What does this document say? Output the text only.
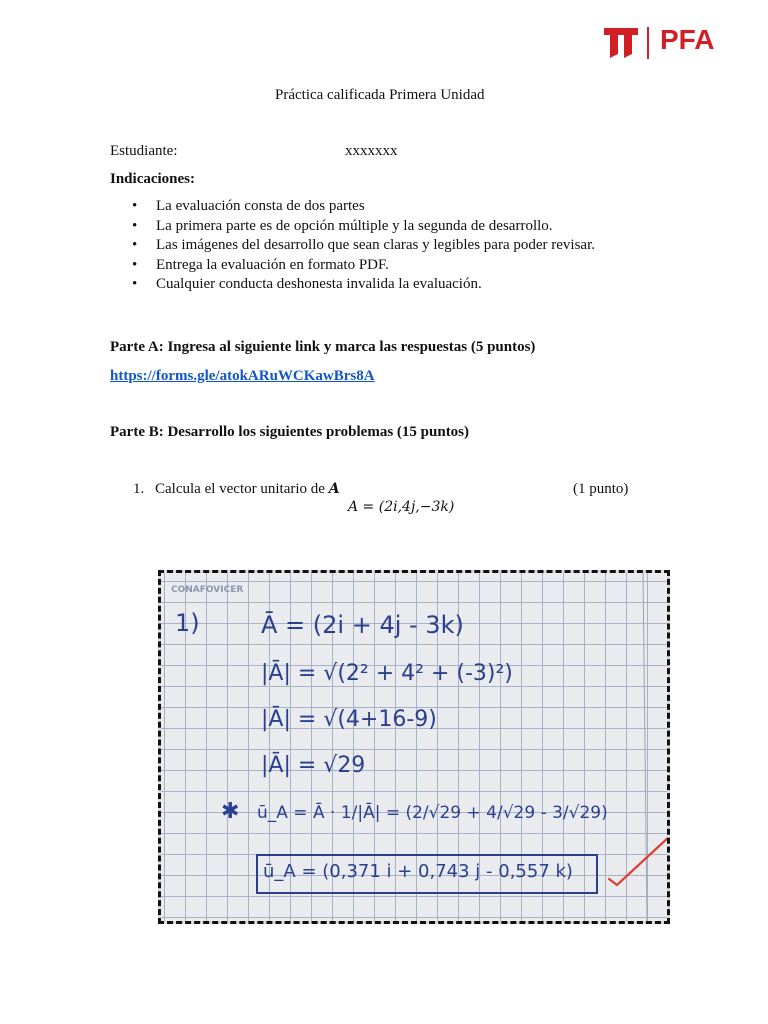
PFA
Práctica calificada Primera Unidad
Estudiante:	xxxxxxx
Indicaciones:
• La evaluación consta de dos partes
• La primera parte es de opción múltiple y la segunda de desarrollo.
• Las imágenes del desarrollo que sean claras y legibles para poder revisar.
• Entrega la evaluación en formato PDF.
• Cualquier conducta deshonesta invalida la evaluación.
Parte A: Ingresa al siguiente link y marca las respuestas (5 puntos)
https://forms.gle/atokARuWCKawBrs8A
Parte B: Desarrollo los siguientes problemas (15 puntos)
1. Calcula el vector unitario de A	(1 punto)
A = (2i,4j,−3k)
CONAFOVICER
1)	Ā = (2i + 4j - 3k)
|Ā| = √(2² + 4² + (-3)²)
|Ā| = √(4+16-9)
|Ā| = √29
ū_A = Ā · 1/|Ā| = (2/√29 + 4/√29 - 3/√29)
ū_A = (0,371 i + 0,743 j - 0,557 k)
✱
